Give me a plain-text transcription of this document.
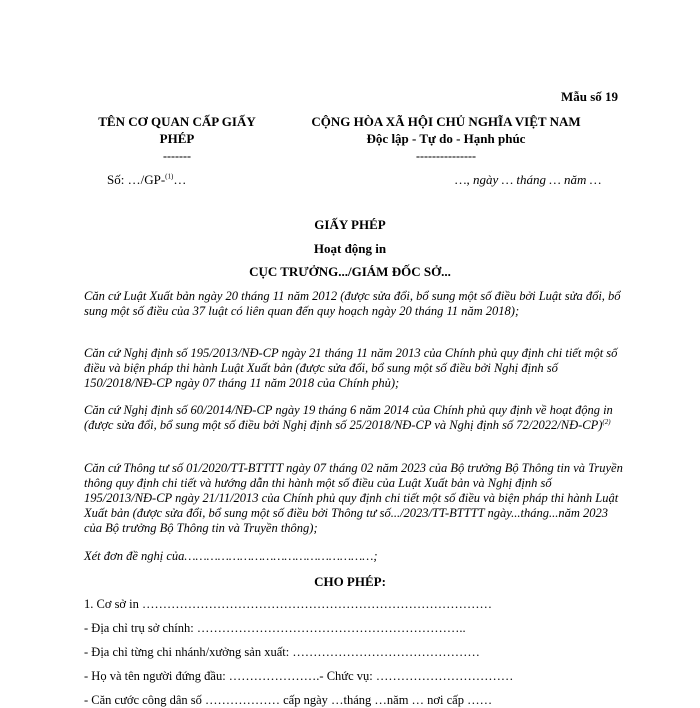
Mẫu số 19
TÊN CƠ QUAN CẤP GIẤY PHÉP
-------
CỘNG HÒA XÃ HỘI CHỦ NGHĨA VIỆT NAM
Độc lập - Tự do - Hạnh phúc
---------------
Số: …/GP-$^{(1)}$…	…, ngày … tháng … năm …
GIẤY PHÉP
Hoạt động in
CỤC TRƯỞNG.../GIÁM ĐỐC SỞ...
Căn cứ Luật Xuất bản ngày 20 tháng 11 năm 2012 (được sửa đổi, bổ sung một số điều bởi Luật sửa đổi, bổ sung một số điều của 37 luật có liên quan đến quy hoạch ngày 20 tháng 11 năm 2018);
Căn cứ Nghị định số 195/2013/NĐ-CP ngày 21 tháng 11 năm 2013 của Chính phủ quy định chi tiết một số điều và biện pháp thi hành Luật Xuất bản (được sửa đổi, bổ sung một số điều bởi Nghị định số 150/2018/NĐ-CP ngày 07 tháng 11 năm 2018 của Chính phủ);
Căn cứ Nghị định số 60/2014/NĐ-CP ngày 19 tháng 6 năm 2014 của Chính phủ quy định về hoạt động in (được sửa đổi, bổ sung một số điều bởi Nghị định số 25/2018/NĐ-CP và Nghị định số 72/2022/NĐ-CP)$^{(2)}$
Căn cứ Thông tư số 01/2020/TT-BTTTT ngày 07 tháng 02 năm 2023 của Bộ trưởng Bộ Thông tin và Truyền thông quy định chi tiết và hướng dẫn thi hành một số điều của Luật Xuất bản và Nghị định số 195/2013/NĐ-CP ngày 21/11/2013 của Chính phủ quy định chi tiết một số điều và biện pháp thi hành Luật Xuất bản (được sửa đổi, bổ sung một số điều bởi Thông tư số.../2023/TT-BTTTT ngày...tháng...năm 2023 của Bộ trưởng Bộ Thông tin và Truyền thông);
Xét đơn đề nghị của……………………………………………;
CHO PHÉP:
1. Cơ sở in …………………………………………………………………………
- Địa chỉ trụ sở chính: ………………………………………………………..
- Địa chỉ từng chi nhánh/xưởng sản xuất: ………………………………………
- Họ và tên người đứng đầu: ………………….- Chức vụ: ……………………………
- Căn cước công dân số ……………… cấp ngày …tháng …năm … nơi cấp ……
